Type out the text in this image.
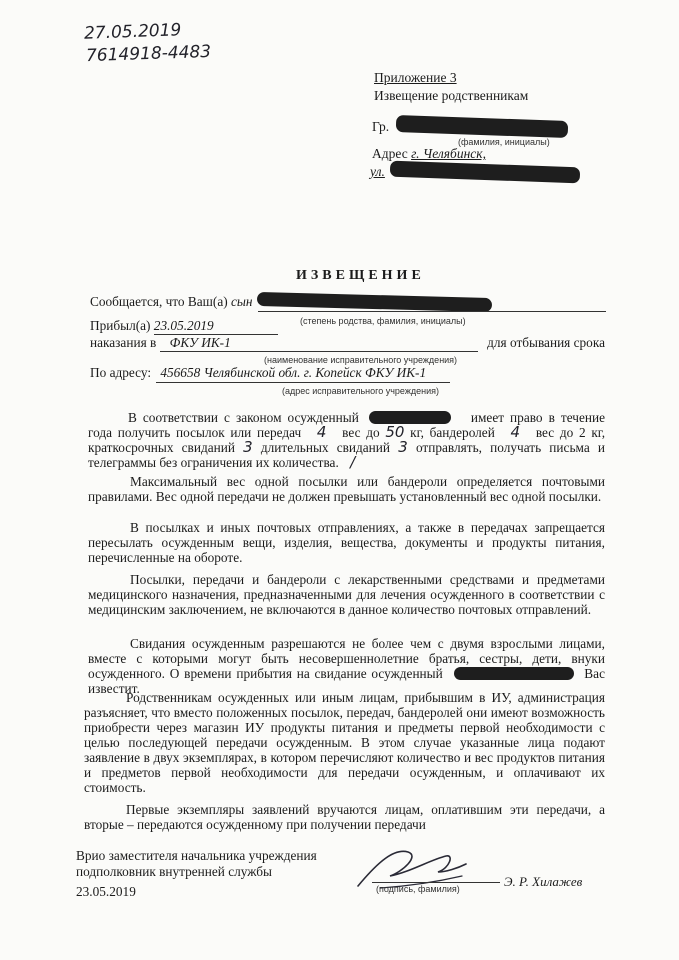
27.05.2019
7614918-4483
Приложение 3
Извещение родственникам
Гр.
(фамилия, инициалы)
Адрес г. Челябинск,
ул.
ИЗВЕЩЕНИЕ
Сообщается, что Ваш(а) сын
(степень родства, фамилия, инициалы)
Прибыл(а) 23.05.2019
наказания в ФКУ ИК-1	для отбывания срока
(наименование исправительного учреждения)
По адресу: 456658 Челябинской обл. г. Копейск ФКУ ИК-1
(адрес исправительного учреждения)
В соответствии с законом осужденный	имеет право в течение года получить посылок или передач 4 вес до 50 кг, бандеролей 4 вес до 2 кг, краткосрочных свиданий 3 длительных свиданий 3 отправлять, получать письма и телеграммы без ограничения их количества. /
Максимальный вес одной посылки или бандероли определяется почтовыми правилами. Вес одной передачи не должен превышать установленный вес одной посылки.
В посылках и иных почтовых отправлениях, а также в передачах запрещается пересылать осужденным вещи, изделия, вещества, документы и продукты питания, перечисленные на обороте.
Посылки, передачи и бандероли с лекарственными средствами и предметами медицинского назначения, предназначенными для лечения осужденного в соответствии с медицинским заключением, не включаются в данное количество почтовых отправлений.
Свидания осужденным разрешаются не более чем с двумя взрослыми лицами, вместе с которыми могут быть несовершеннолетние братья, сестры, дети, внуки осужденного. О времени прибытия на свидание осужденный	Вас известит.
Родственникам осужденных или иным лицам, прибывшим в ИУ, администрация разъясняет, что вместо положенных посылок, передач, бандеролей они имеют возможность приобрести через магазин ИУ продукты питания и предметы первой необходимости с целью последующей передачи осужденным. В этом случае указанные лица подают заявление в двух экземплярах, в котором перечисляют количество и вес продуктов питания и предметов первой необходимости для передачи осужденным, и оплачивают их стоимость.
Первые экземпляры заявлений вручаются лицам, оплатившим эти передачи, а вторые – передаются осужденному при получении передачи
Врио заместителя начальника учреждения
подполковник внутренней службы
(подпись, фамилия)	Э. Р. Хилажев
23.05.2019
